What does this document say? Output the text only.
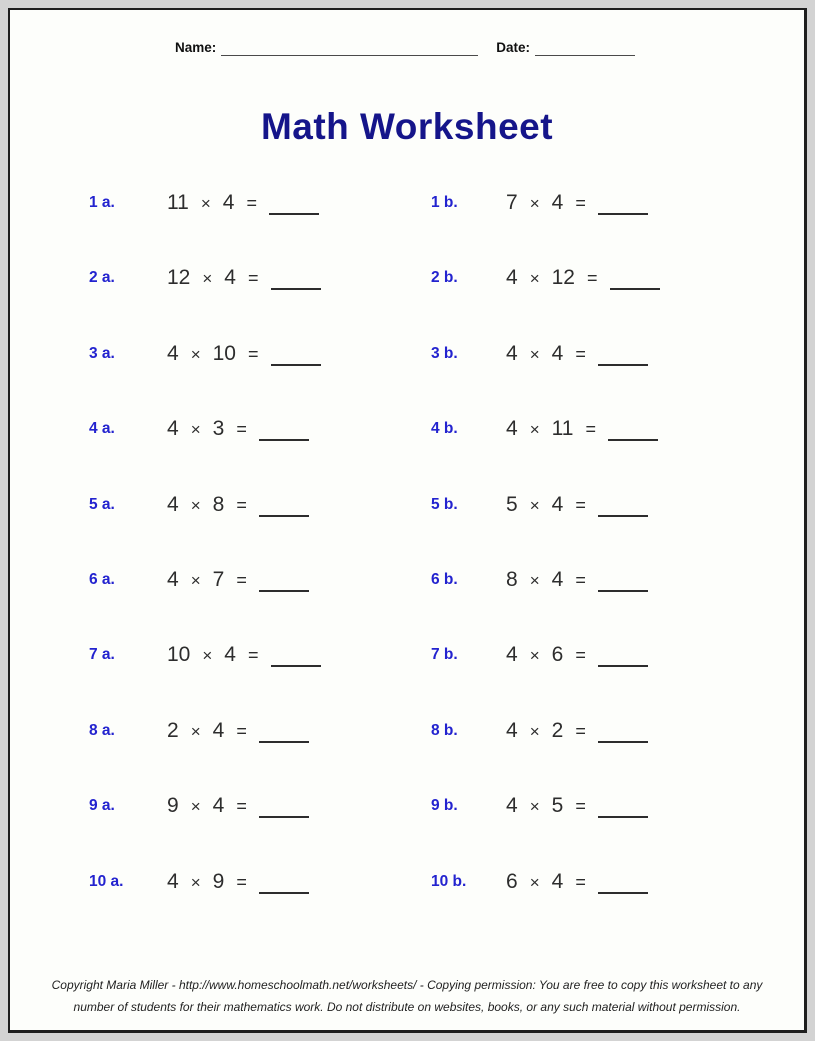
Name:	Date:
Math Worksheet
1 a.	11 × 4 =	1 b.	7 × 4 =
2 a.	12 × 4 =	2 b.	4 × 12 =
3 a.	4 × 10 =	3 b.	4 × 4 =
4 a.	4 × 3 =	4 b.	4 × 11 =
5 a.	4 × 8 =	5 b.	5 × 4 =
6 a.	4 × 7 =	6 b.	8 × 4 =
7 a.	10 × 4 =	7 b.	4 × 6 =
8 a.	2 × 4 =	8 b.	4 × 2 =
9 a.	9 × 4 =	9 b.	4 × 5 =
10 a.	4 × 9 =	10 b.	6 × 4 =
Copyright Maria Miller - http://www.homeschoolmath.net/worksheets/ - Copying permission: You are free to copy this worksheet to any
number of students for their mathematics work. Do not distribute on websites, books, or any such material without permission.
